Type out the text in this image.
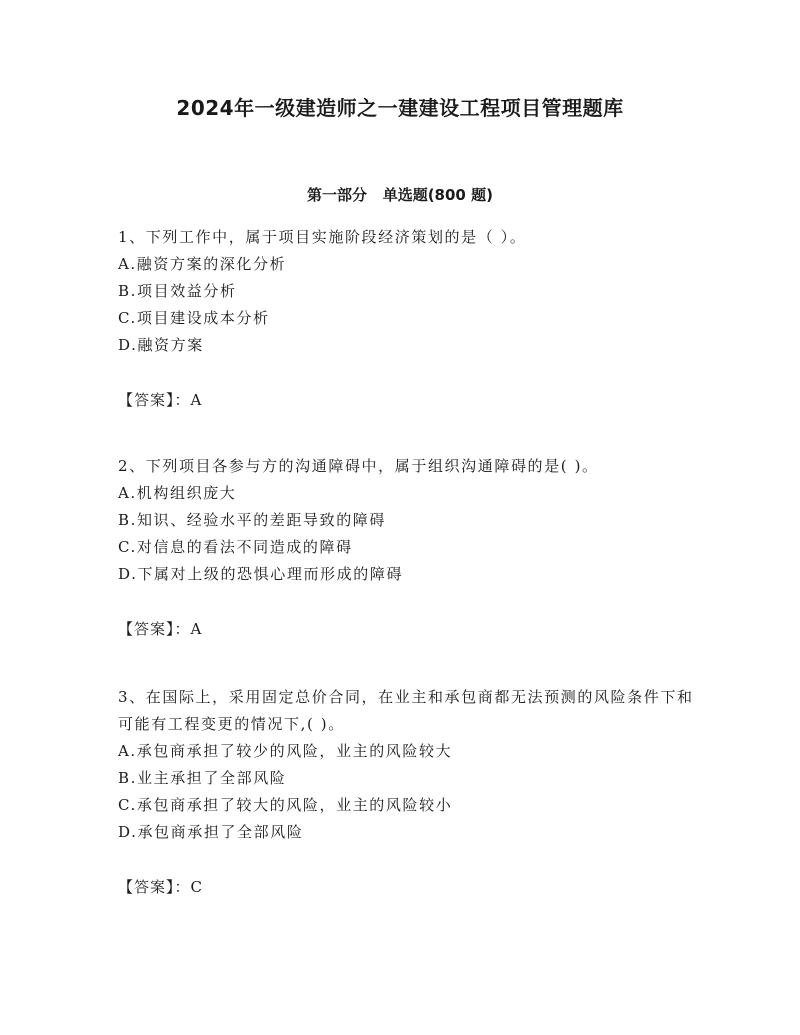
2024年一级建造师之一建建设工程项目管理题库
第一部分   单选题(800 题)

1、下列工作中，属于项目实施阶段经济策划的是（ ）。

A.融资方案的深化分析
B.项目效益分析
C.项目建设成本分析
D.融资方案
【答案】：A

2、下列项目各参与方的沟通障碍中，属于组织沟通障碍的是( )。

A.机构组织庞大
B.知识、经验水平的差距导致的障碍
C.对信息的看法不同造成的障碍
D.下属对上级的恐惧心理而形成的障碍
【答案】：A

3、在国际上，采用固定总价合同，在业主和承包商都无法预测的风险条件下和可能有工程变更的情况下,( )。

A.承包商承担了较少的风险，业主的风险较大
B.业主承担了全部风险
C.承包商承担了较大的风险，业主的风险较小
D.承包商承担了全部风险
【答案】：C
